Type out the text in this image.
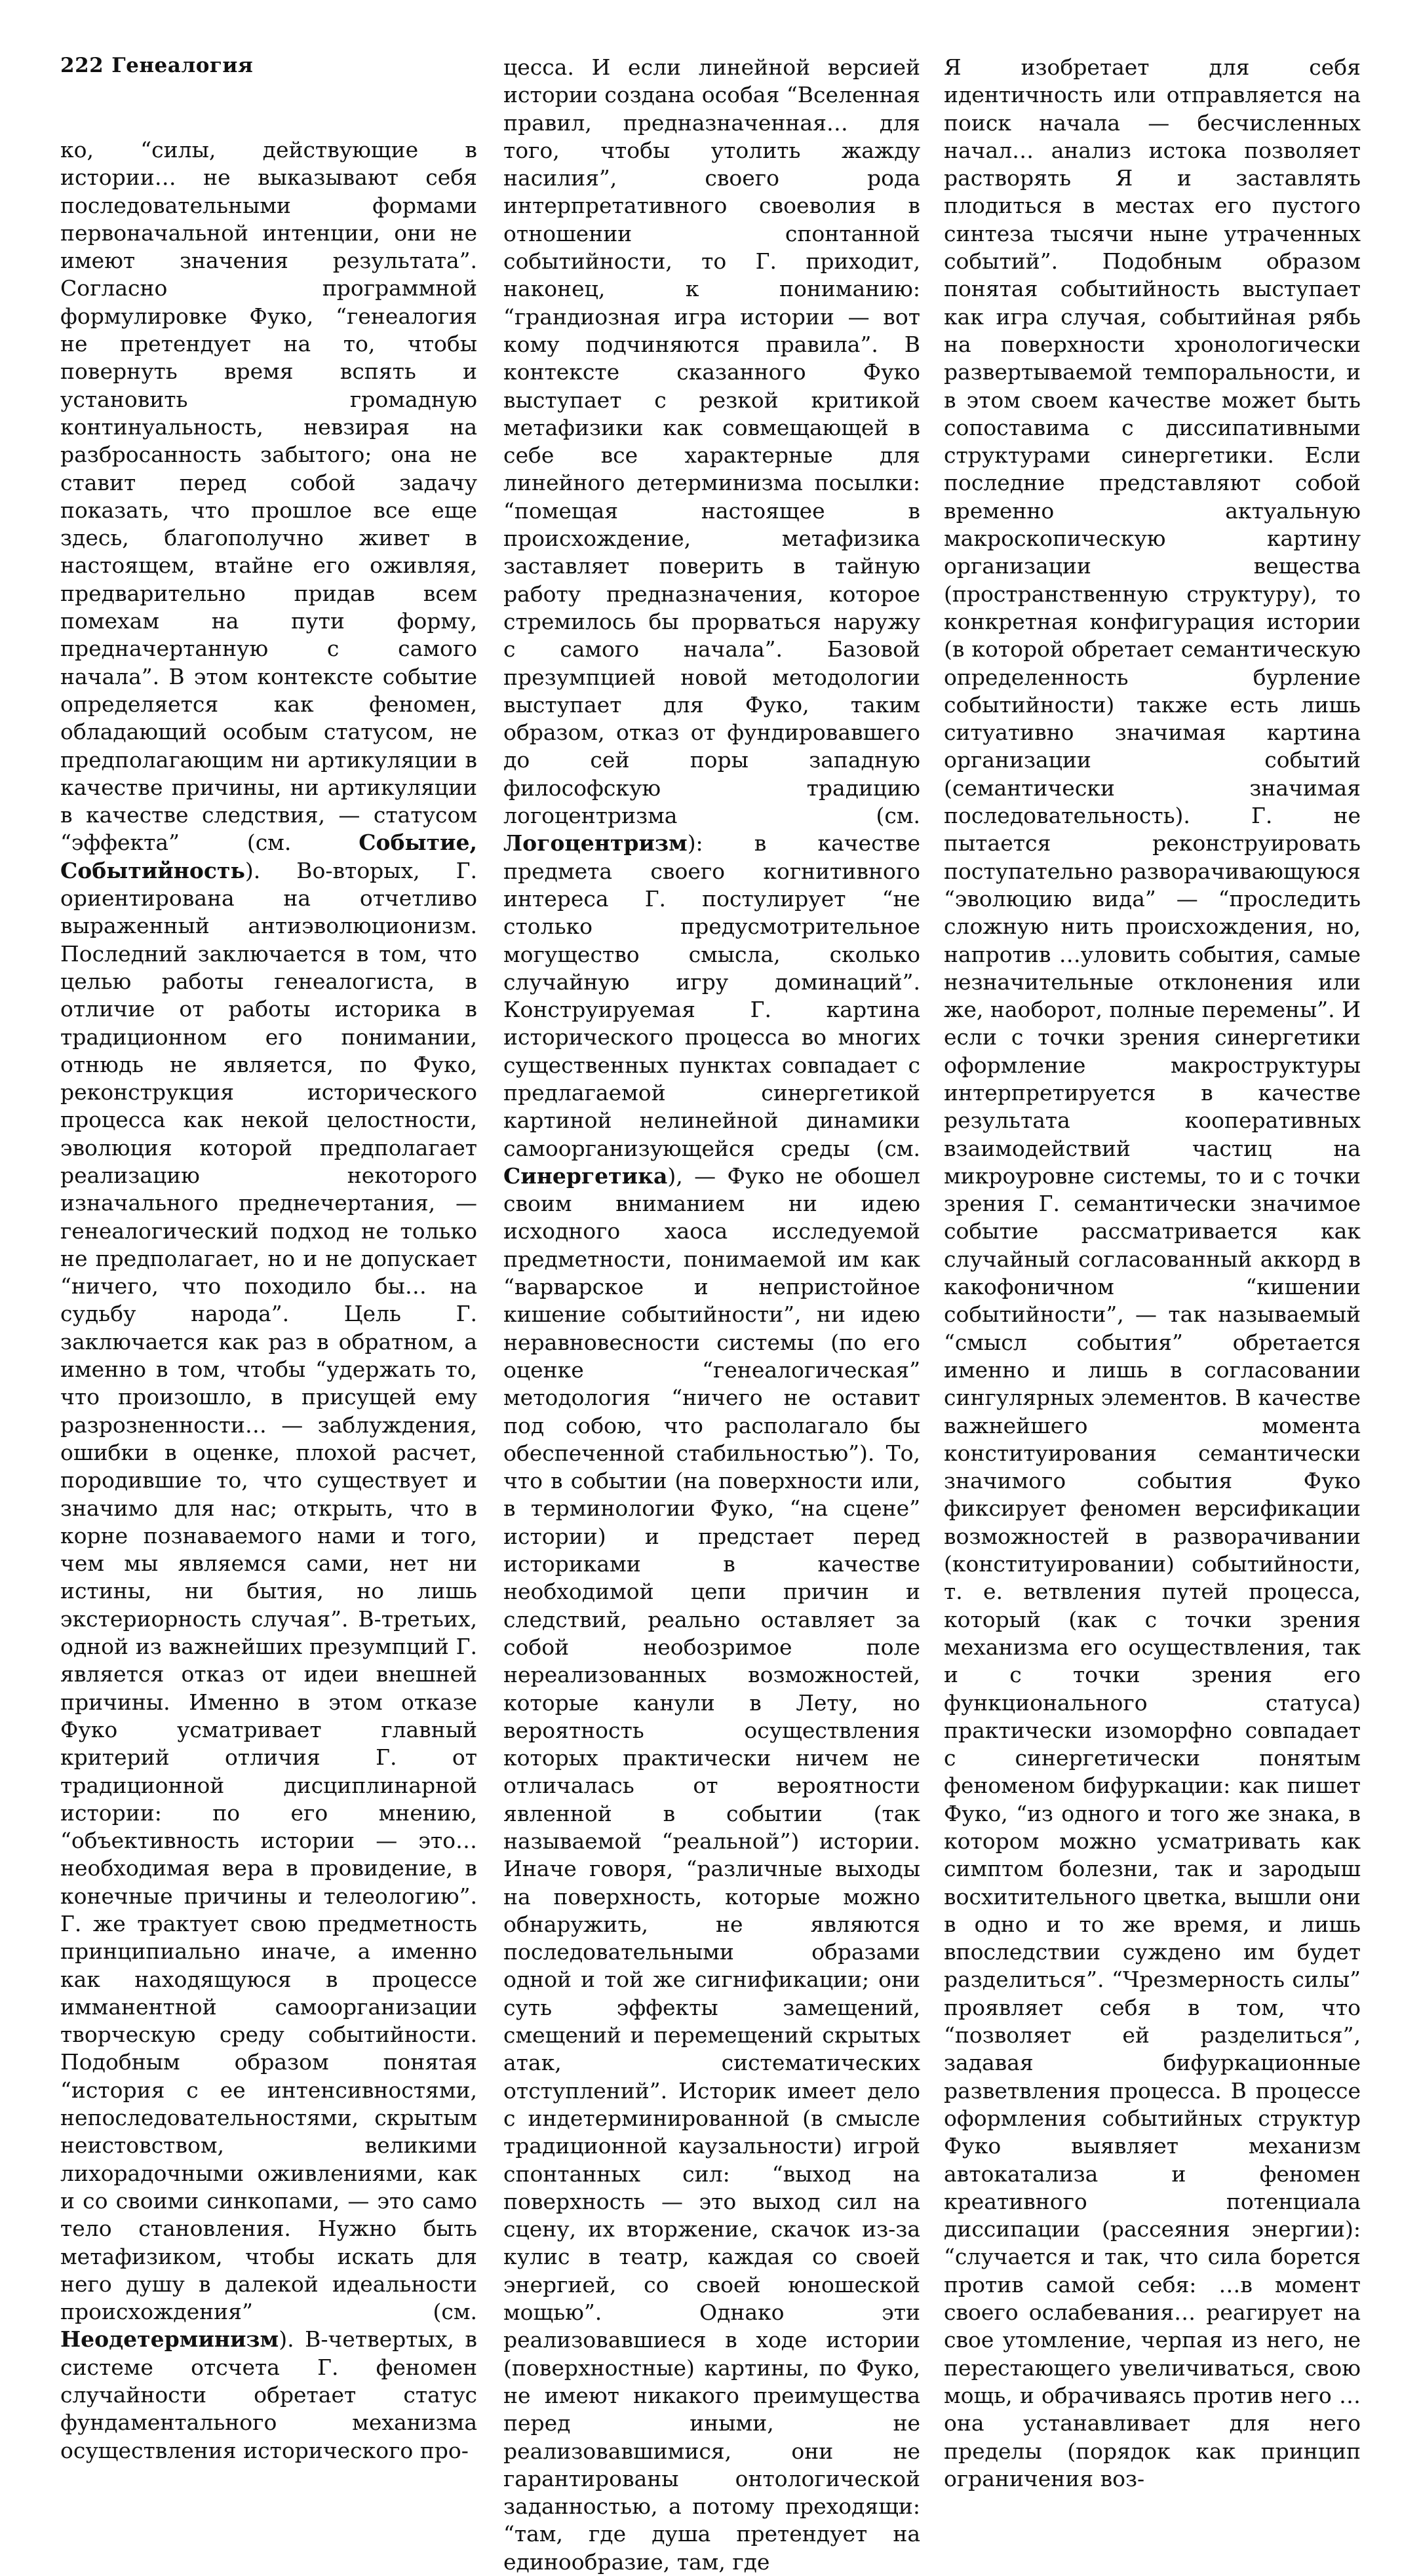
222 Генеалогия

ко, “силы, действующие в истории… не выказывают себя последовательными формами первоначальной интенции, они не имеют значения результата”. Согласно программной формулировке Фуко, “генеалогия не претендует на то, чтобы повернуть время вспять и установить громадную континуальность, невзирая на разбросанность забытого; она не ставит перед собой задачу показать, что прошлое все еще здесь, благополучно живет в настоящем, втайне его оживляя, предварительно придав всем помехам на пути форму, предначертанную с самого начала”. В этом контексте событие определяется как феномен, обладающий особым статусом, не предполагающим ни артикуляции в качестве причины, ни артикуляции в качестве следствия, — статусом “эффекта” (см.	Событие, Событийность). Во-вторых, Г. ориентирована на отчетливо выраженный антиэволюционизм. Последний заключается в том, что целью работы генеалогиста, в отличие от работы историка в традиционном его понимании, отнюдь не является, по Фуко, реконструкция исторического процесса как некой целостности, эволюция которой предполагает реализацию некоторого изначального преднечертания, — генеалогический подход не только не предполагает, но и не допускает “ничего, что походило бы… на судьбу народа”. Цель Г. заключается как раз в обратном, а именно в том, чтобы “удержать то, что произошло, в присущей ему разрозненности… — заблуждения, ошибки в оценке, плохой расчет, породившие то, что существует и значимо для нас; открыть, что в корне познаваемого нами и того, чем мы являемся сами, нет ни истины, ни бытия, но лишь экстериорность случая”. В-третьих, одной из важнейших презумпций Г. является отказ от идеи внешней причины. Именно в этом отказе Фуко усматривает главный критерий отличия Г. от традиционной дисциплинарной истории: по его мнению, “объективность истории — это… необходимая вера в провидение, в конечные причины и телеологию”. Г. же трактует свою предметность принципиально иначе, а именно как находящуюся в процессе имманентной самоорганизации творческую среду событийности. Подобным образом понятая “история с ее интенсивностями, непоследовательностями, скрытым неистовством, великими лихорадочными оживлениями, как и со своими синкопами, — это само тело становления. Нужно быть метафизиком, чтобы искать для него душу в далекой идеальности происхождения” (см. Неодетерминизм). В-четвертых, в системе отсчета Г. феномен случайности обретает статус фундаментального механизма осуществления исторического про-

цесса. И если линейной версией истории создана особая “Вселенная правил, предназначенная… для того, чтобы утолить жажду насилия”, своего рода интерпретативного своеволия в отношении спонтанной событийности, то Г. приходит, наконец, к пониманию: “грандиозная игра истории — вот кому подчиняются правила”. В контексте сказанного Фуко выступает с резкой критикой метафизики как совмещающей в себе все характерные для линейного детерминизма посылки: “помещая настоящее в происхождение, метафизика заставляет поверить в тайную работу предназначения, которое стремилось бы прорваться наружу с самого начала”. Базовой презумпцией новой методологии выступает для Фуко, таким образом, отказ от фундировавшего до сей поры западную философскую традицию логоцентризма (см. Логоцентризм): в качестве предмета своего когнитивного интереса Г. постулирует “не столько предусмотрительное могущество смысла, сколько случайную игру доминаций”. Конструируемая Г. картина исторического процесса во многих существенных пунктах совпадает с предлагаемой синергетикой картиной нелинейной динамики самоорганизующейся среды (см. Синергетика), — Фуко не обошел своим вниманием ни идею исходного хаоса исследуемой предметности, понимаемой им как “варварское и непристойное кишение событийности”, ни идею неравновесности системы (по его оценке “генеалогическая” методология “ничего не оставит под собою, что располагало бы обеспеченной стабильностью”). То, что в событии (на поверхности или, в терминологии Фуко, “на сцене” истории) и предстает перед историками в качестве необходимой цепи причин и следствий, реально оставляет за собой необозримое поле нереализованных возможностей, которые канули в Лету, но вероятность осуществления которых практически ничем не отличалась от вероятности явленной в событии (так называемой “реальной”) истории. Иначе говоря, “различные выходы на поверхность, которые можно обнаружить, не являются последовательными образами одной и той же сигнификации; они суть эффекты замещений, смещений и перемещений скрытых атак, систематических отступлений”. Историк имеет дело с индетерминированной (в смысле традиционной каузальности) игрой спонтанных сил: “выход на поверхность — это выход сил на сцену, их вторжение, скачок из-за кулис в театр, каждая со своей энергией, со своей юношеской мощью”. Однако эти реализовавшиеся в ходе истории (поверхностные) картины, по Фуко, не имеют никакого преимущества перед иными, не реализовавшимися, они не гарантированы онтологической заданностью, а потому преходящи: “там, где душа претендует на единообразие, там, где

Я изобретает для себя идентичность или отправляется на поиск начала — бесчисленных начал… анализ истока позволяет растворять Я и заставлять плодиться в местах его пустого синтеза тысячи ныне утраченных событий”. Подобным образом понятая событийность выступает как игра случая, событийная рябь на поверхности хронологически развертываемой темпоральности, и в этом своем качестве может быть сопоставима с диссипативными структурами синергетики. Если последние представляют собой временно актуальную макроскопическую картину организации вещества (пространственную структуру), то конкретная конфигурация истории (в которой обретает семантическую определенность бурление событийности) также есть лишь ситуативно значимая картина организации событий (семантически значимая последовательность). Г. не пытается реконструировать поступательно разворачивающуюся “эволюцию вида” — “проследить сложную нить происхождения, но, напротив …уловить события, самые незначительные отклонения или же, наоборот, полные перемены”. И если с точки зрения синергетики оформление макроструктуры интерпретируется в качестве результата кооперативных взаимодействий частиц на микроуровне системы, то и с точки зрения Г. семантически значимое событие рассматривается как случайный согласованный аккорд в какофоничном “кишении событийности”, — так называемый “смысл события” обретается именно и лишь в согласовании сингулярных элементов. В качестве важнейшего момента конституирования семантически значимого события Фуко фиксирует феномен версификации возможностей в разворачивании (конституировании) событийности, т. е. ветвления путей процесса, который (как с точки зрения механизма его осуществления, так и с точки зрения его функционального статуса) практически изоморфно совпадает с синергетически понятым феноменом бифуркации: как пишет Фуко, “из одного и того же знака, в котором можно усматривать как симптом болезни, так и зародыш восхитительного цветка, вышли они в одно и то же время, и лишь впоследствии суждено им будет разделиться”. “Чрезмерность силы” проявляет себя в том, что “позволяет ей разделиться”, задавая бифуркационные разветвления процесса. В процессе оформления событийных структур Фуко выявляет механизм автокатализа и феномен креативного потенциала диссипации (рассеяния энергии): “случается и так, что сила борется против самой себя: …в момент своего ослабевания… реагирует на свое утомление, черпая из него, не перестающего увеличиваться, свою мощь, и обрачиваясь против него …она устанавливает для него пределы (порядок как принцип ограничения воз-
